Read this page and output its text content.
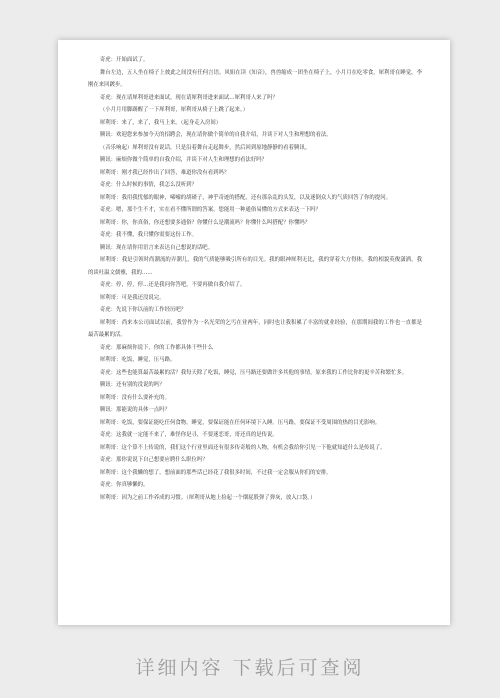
奇虎：开始面试了。

舞台左边，五人坐在椅子上彼此之间没有任何言语。风姐在读《知音》，兽兽缩成一团坐在椅子上，小月月在吃零食，犀利哥在睡觉，李刚在来回踱步。

奇虎：现在请犀利哥进来面试。现在请犀利哥进来面试…犀利哥人来了吗？

（小月月用脚踢醒了一下犀利哥，犀利哥从椅子上跳了起来。）

犀利哥：来了，来了，我马上来。（起身走入房间）

腾讯：欢迎您来参加今天的招聘会，现在请你做个简单的自我介绍，并谈下对人生和理想的看法。

（音乐响起）犀利哥没有说话，只是沿着舞台走起舞步，然后回到原地静静的看着腾讯。

腾讯：麻烦你做个简单的自我介绍，并谈下对人生和理想的看法好吗？

犀利哥：刚才我已经作出了回答，难道你没有看到吗？

奇虎：什么时候的事情，我怎么没听到？

犀利哥：我用我忧郁的眼神，唏嘘的胡碴子，神乎奇迹的搭配，还有那杂乱的头发，以及迷倒众人的气质回答了你的提问。

奇虎：嗯，那个生不才，实在看不懂所谓的答案，您能用一种通俗易懂的方式来表达一下吗？

犀利哥：你，你真俗，你还想要多通俗？你懂什么是潮流吗？你懂什么叫搭配？你懂吗？

奇虎：我不懂，我只懂你需要这份工作。

腾讯：现在请你用语言来表达自己想说的话吧。

犀利哥：我是引领时尚潮流的弄潮儿，我的气质能够吸引所有的目光。我的眼神犀利无比，我的穿着大方得体，我的相貌英俊潇洒，我的谈吐温文儒雅，我的……

奇虎：停，停，停…还是我问你答吧，不要再做自我介绍了。

犀利哥：可是我还没说完。

奇虎：先说下你以前的工作经历吧？

犀利哥：尚来本公司面试以前，我曾作为一名光荣的乞丐在业两年，同时也让我积累了丰富的就业经验，在那期间我的工作也一直都是最苦最累的活。

奇虎：那麻烦你说下，你的工作都具体干些什么

犀利哥：吃饭，睡觉，压马路。

奇虎：这些也能算最苦最累的活？我每天除了吃饭，睡觉，压马路还要做许多其他的事情，原来我的工作比你的更辛苦和繁忙多。

腾讯：还有别的没说的吗？

犀利哥：没有什么要补充的。

腾讯：那能说的具体一点吗？

犀利哥：吃饭，要保证能吃任何食物。睡觉，要保证能在任何环境下入睡。压马路，要保证不受周围的热的目光影响。

奇虎：这我就一定能不来了，难怪你是寻，不要迷恋哥，哥还真的是传说。

犀利哥：这个算不上传说的，我们这个行业里面还有很多传奇般的人物，有机会我给你引见一下他就知道什么是传说了。

奇虎：那你说说下自己想要应聘什么职位吗？

犀利哥：这个我懒的想了，想前面的那些话已经花了我很多时间，不过我一定会服从你们的安排。

奇虎：你真够懒的。

犀利哥：因为之前工作养成的习惯。（犀利哥从地上捡起一个烟屁股弹了弹灰，放入口袋。）

详细内容 下载后可查阅
